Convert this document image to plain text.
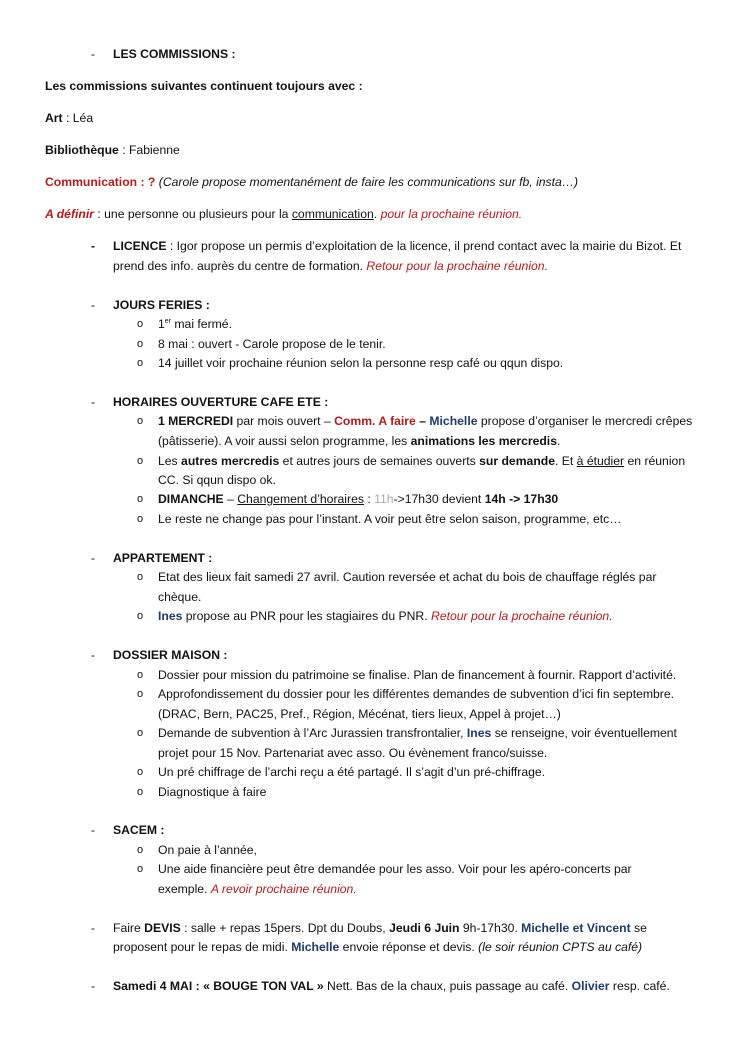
- LES COMMISSIONS :
Les commissions suivantes continuent toujours avec :
Art : Léa
Bibliothèque : Fabienne
Communication : ? (Carole propose momentanément de faire les communications sur fb, insta…)
A définir : une personne ou plusieurs pour la communication. pour la prochaine réunion.
- LICENCE : Igor propose un permis d’exploitation de la licence, il prend contact avec la mairie du Bizot. Et
prend des info. auprès du centre de formation. Retour pour la prochaine réunion.
- JOURS FERIES :
o 1er mai fermé.
o 8 mai : ouvert - Carole propose de le tenir.
o 14 juillet voir prochaine réunion selon la personne resp café ou qqun dispo.
- HORAIRES OUVERTURE CAFE ETE :
o 1 MERCREDI par mois ouvert – Comm. A faire – Michelle propose d’organiser le mercredi crêpes
(pâtisserie). A voir aussi selon programme, les animations les mercredis.
o Les autres mercredis et autres jours de semaines ouverts sur demande. Et à étudier en réunion
CC. Si qqun dispo ok.
o DIMANCHE – Changement d’horaires : 11h->17h30 devient 14h -> 17h30
o Le reste ne change pas pour l’instant. A voir peut être selon saison, programme, etc…
- APPARTEMENT :
o Etat des lieux fait samedi 27 avril. Caution reversée et achat du bois de chauffage réglés par
chèque.
o Ines propose au PNR pour les stagiaires du PNR. Retour pour la prochaine réunion.
- DOSSIER MAISON :
o Dossier pour mission du patrimoine se finalise. Plan de financement à fournir. Rapport d’activité.
o Approfondissement du dossier pour les différentes demandes de subvention d’ici fin septembre.
(DRAC, Bern, PAC25, Pref., Région, Mécénat, tiers lieux, Appel à projet…)
o Demande de subvention à l’Arc Jurassien transfrontalier, Ines se renseigne, voir éventuellement
projet pour 15 Nov. Partenariat avec asso. Ou évènement franco/suisse.
o Un pré chiffrage de l’archi reçu a été partagé. Il s’agit d’un pré-chiffrage.
o Diagnostique à faire
- SACEM :
o On paie à l’année,
o Une aide financière peut être demandée pour les asso. Voir pour les apéro-concerts par
exemple. A revoir prochaine réunion.
- Faire DEVIS : salle + repas 15pers. Dpt du Doubs, Jeudi 6 Juin 9h-17h30. Michelle et Vincent se
proposent pour le repas de midi. Michelle envoie réponse et devis. (le soir réunion CPTS au café)
- Samedi 4 MAI : « BOUGE TON VAL » Nett. Bas de la chaux, puis passage au café. Olivier resp. café.
